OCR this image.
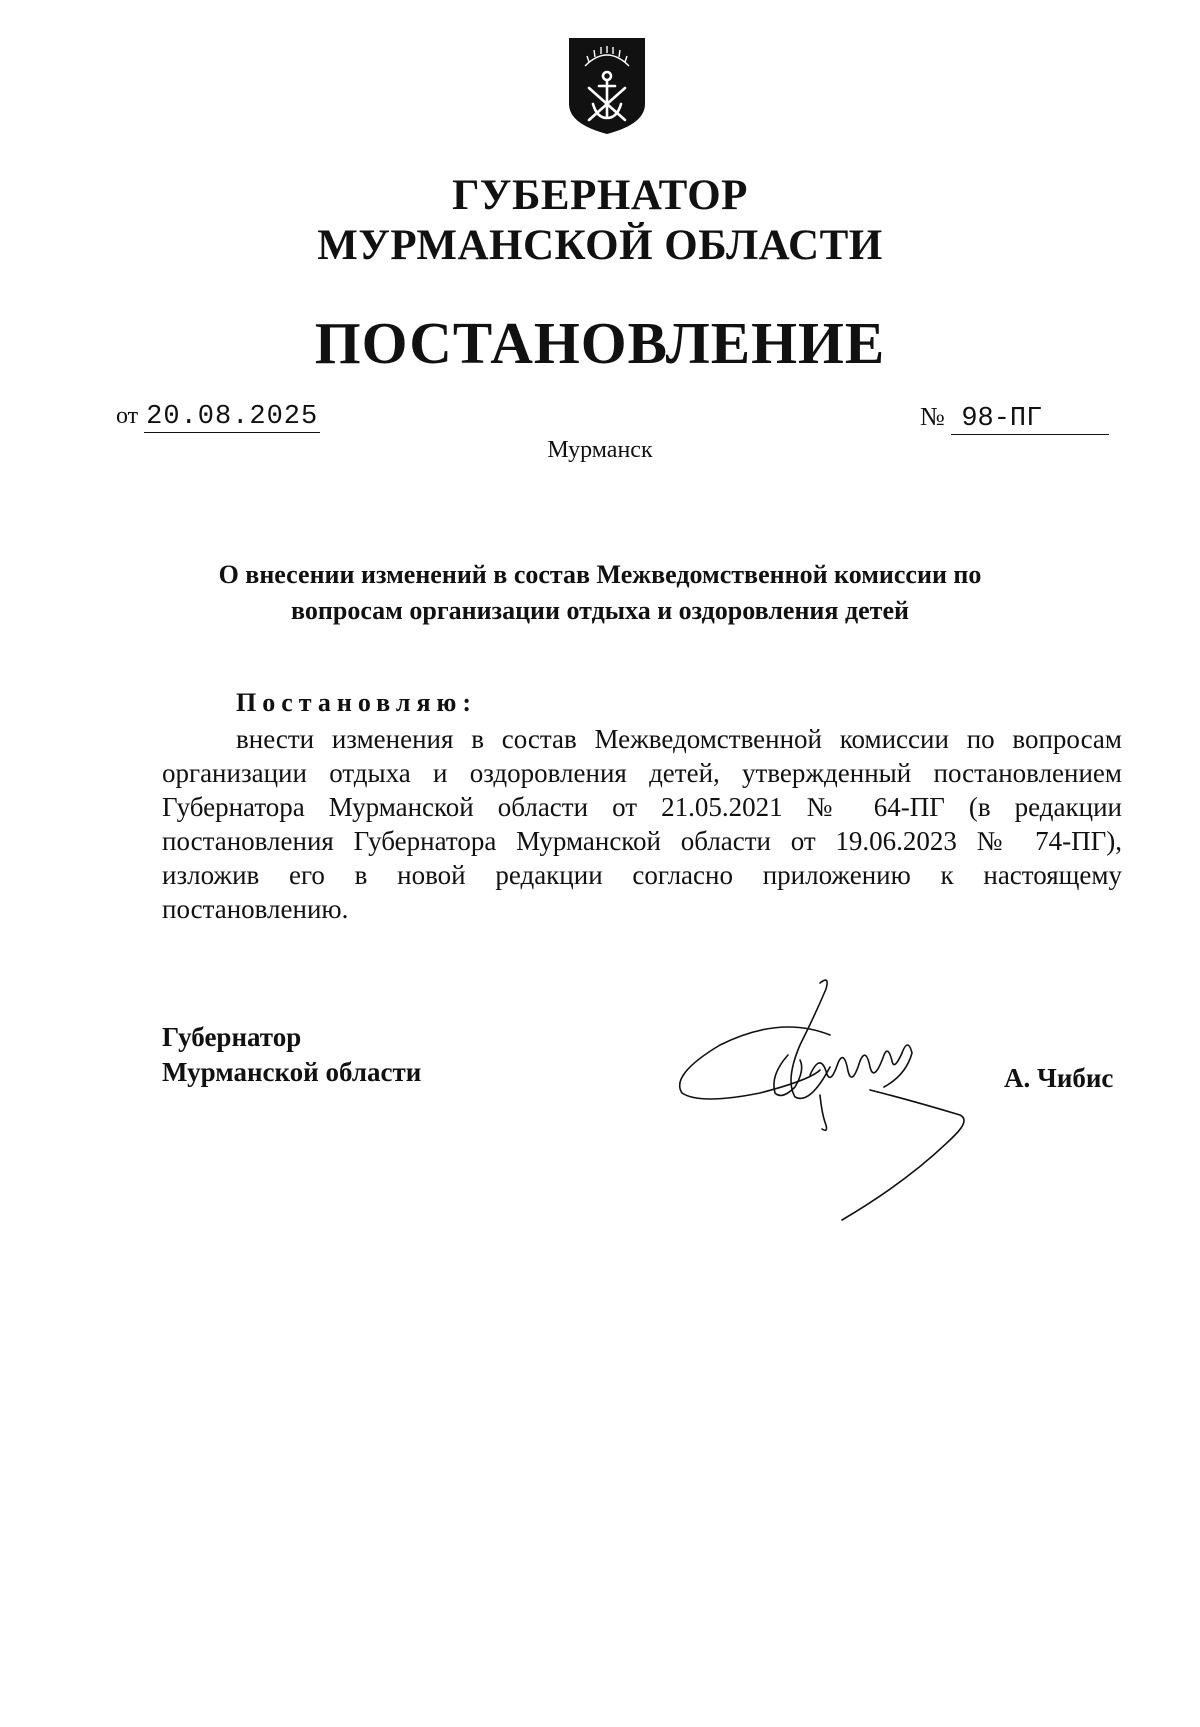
ГУБЕРНАТОР
МУРМАНСКОЙ ОБЛАСТИ
ПОСТАНОВЛЕНИЕ
от 20.08.2025	№ 98-ПГ
Мурманск
О внесении изменений в состав Межведомственной комиссии по вопросам организации отдыха и оздоровления детей
Постановляю:
внести изменения в состав Межведомственной комиссии по вопросам организации отдыха и оздоровления детей, утвержденный постановлением Губернатора Мурманской области от 21.05.2021 № 64-ПГ (в редакции постановления Губернатора Мурманской области от 19.06.2023 № 74-ПГ), изложив его в новой редакции согласно приложению к настоящему постановлению.
Губернатор
Мурманской области	А. Чибис
